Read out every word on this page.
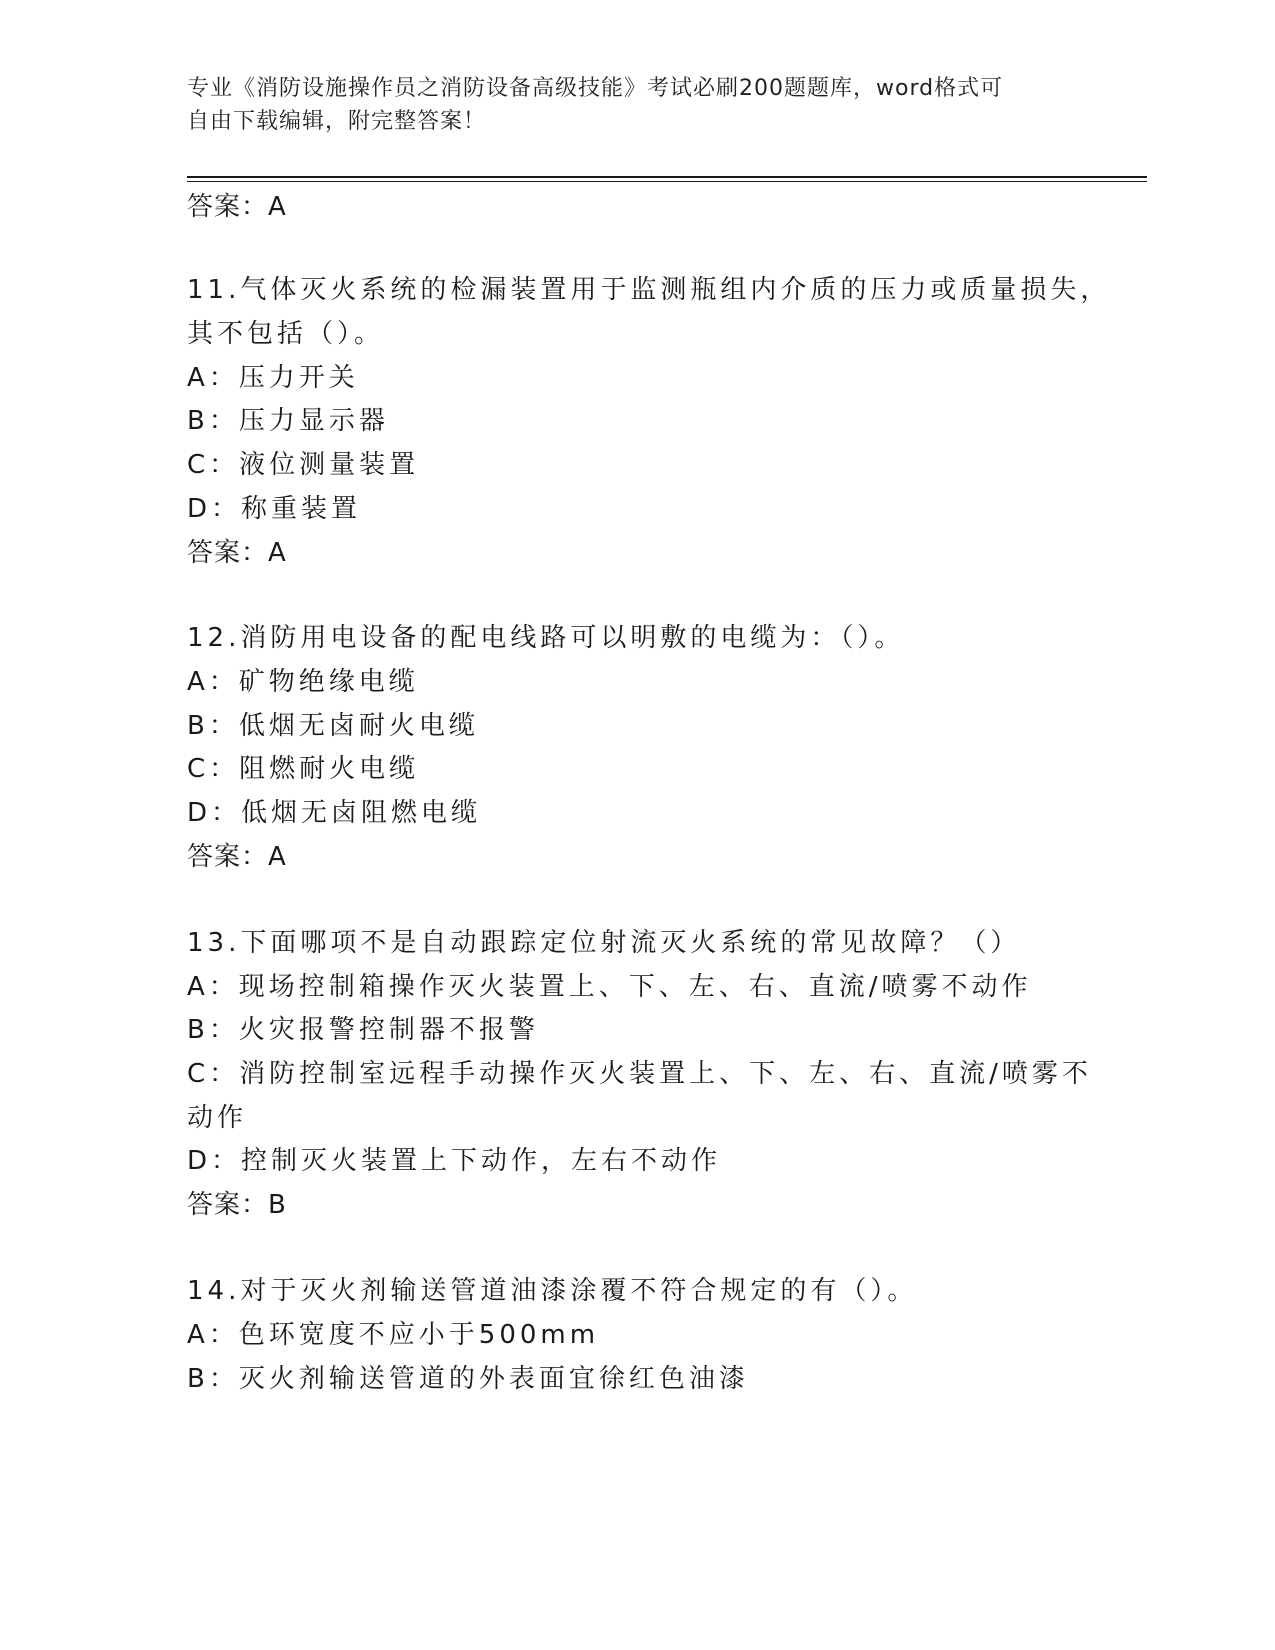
专业《消防设施操作员之消防设备高级技能》考试必刷200题题库，word格式可
自由下载编辑，附完整答案！
答案：A
11.气体灭火系统的检漏装置用于监测瓶组内介质的压力或质量损失，
其不包括（）。
A：压力开关
B：压力显示器
C：液位测量装置
D：称重装置
答案：A
12.消防用电设备的配电线路可以明敷的电缆为：（）。
A：矿物绝缘电缆
B：低烟无卤耐火电缆
C：阻燃耐火电缆
D：低烟无卤阻燃电缆
答案：A
13.下面哪项不是自动跟踪定位射流灭火系统的常见故障？（）
A：现场控制箱操作灭火装置上、下、左、右、直流/喷雾不动作
B：火灾报警控制器不报警
C：消防控制室远程手动操作灭火装置上、下、左、右、直流/喷雾不
动作
D：控制灭火装置上下动作，左右不动作
答案：B
14.对于灭火剂输送管道油漆涂覆不符合规定的有（）。
A：色环宽度不应小于500mm
B：灭火剂输送管道的外表面宜徐红色油漆
